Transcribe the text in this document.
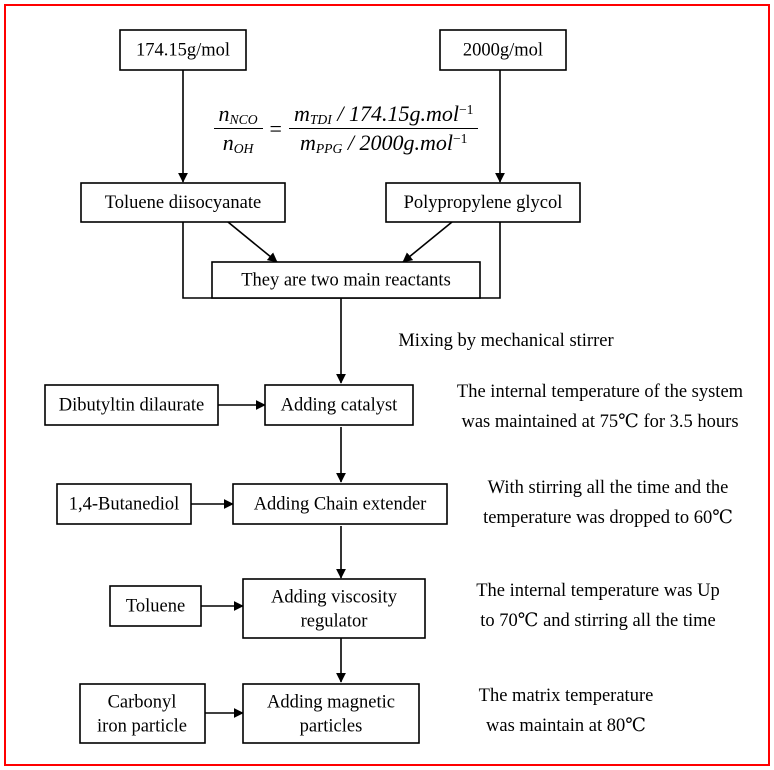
174.15g/mol	2000g/mol
Toluene diisocyanate	Polypropylene glycol
They are two main reactants
Dibutyltin dilaurate	Adding catalyst
1,4-Butanediol	Adding Chain extender
Toluene	Adding viscosity
regulator
Carbonyl
iron particle
Adding magnetic
particles
Mixing by mechanical stirrer
The internal temperature of the system
was maintained at 75℃ for 3.5 hours
With stirring all the time and the
temperature was dropped to 60℃
The internal temperature was Up
to 70℃ and stirring all the time
The matrix temperature
was maintain at 80℃
$\frac{n_{NCO}}{n_{OH}} = \frac{m_{TDI} / 174.15g.mol^{-1}}{m_{PPG} / 2000g.mol^{-1}}$
